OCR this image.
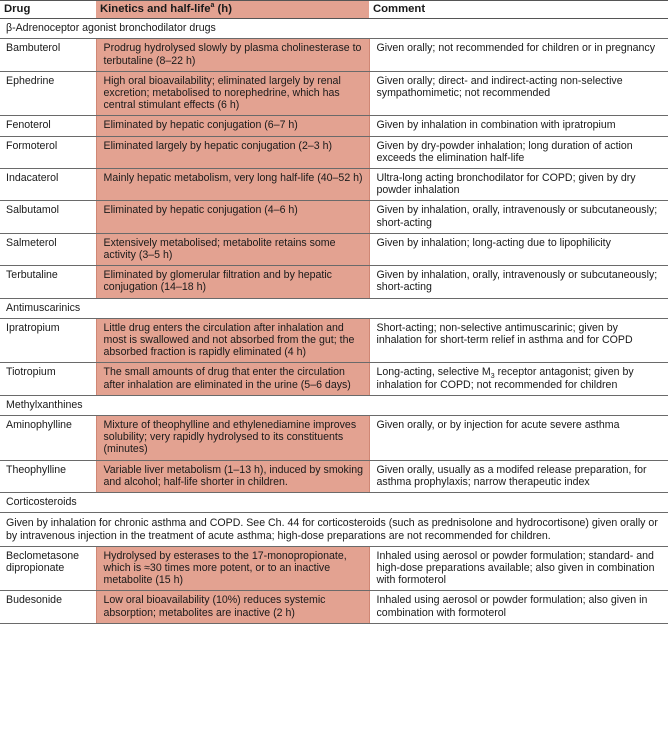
Drug	Kinetics and half-life$^a$ (h)	Comment
β-Adrenoceptor agonist bronchodilator drugs		
Bambuterol	Prodrug hydrolysed slowly by plasma cholinesterase to terbutaline (8–22 h)	Given orally; not recommended for children or in pregnancy
Ephedrine	High oral bioavailability; eliminated largely by renal excretion; metabolised to norephedrine, which has central stimulant effects (6 h)	Given orally; direct- and indirect-acting non-selective sympathomimetic; not recommended
Fenoterol	Eliminated by hepatic conjugation (6–7 h)	Given by inhalation in combination with ipratropium
Formoterol	Eliminated largely by hepatic conjugation (2–3 h)	Given by dry-powder inhalation; long duration of action exceeds the elimination half-life
Indacaterol	Mainly hepatic metabolism, very long half-life (40–52 h)	Ultra-long acting bronchodilator for COPD; given by dry powder inhalation
Salbutamol	Eliminated by hepatic conjugation (4–6 h)	Given by inhalation, orally, intravenously or subcutaneously; short-acting
Salmeterol	Extensively metabolised; metabolite retains some activity (3–5 h)	Given by inhalation; long-acting due to lipophilicity
Terbutaline	Eliminated by glomerular filtration and by hepatic conjugation (14–18 h)	Given by inhalation, orally, intravenously or subcutaneously; short-acting
Antimuscarinics		
Ipratropium	Little drug enters the circulation after inhalation and most is swallowed and not absorbed from the gut; the absorbed fraction is rapidly eliminated (4 h)	Short-acting; non-selective antimuscarinic; given by inhalation for short-term relief in asthma and for COPD
Tiotropium	The small amounts of drug that enter the circulation after inhalation are eliminated in the urine (5–6 days)	Long-acting, selective $M_3$ receptor antagonist; given by inhalation for COPD; not recommended for children
Methylxanthines		
Aminophylline	Mixture of theophylline and ethylenediamine improves solubility; very rapidly hydrolysed to its constituents (minutes)	Given orally, or by injection for acute severe asthma
Theophylline	Variable liver metabolism (1–13 h), induced by smoking and alcohol; half-life shorter in children.	Given orally, usually as a modifed release preparation, for asthma prophylaxis; narrow therapeutic index
Corticosteroids		
Given by inhalation for chronic asthma and COPD. See Ch. 44 for corticosteroids (such as prednisolone and hydrocortisone) given orally or by intravenous injection in the treatment of acute asthma; high-dose preparations are not recommended for children.		
Beclometasone dipropionate	Hydrolysed by esterases to the 17-monopropionate, which is ≈30 times more potent, or to an inactive metabolite (15 h)	Inhaled using aerosol or powder formulation; standard- and high-dose preparations available; also given in combination with formoterol
Budesonide	Low oral bioavailability (10%) reduces systemic absorption; metabolites are inactive (2 h)	Inhaled using aerosol or powder formulation; also given in combination with formoterol
